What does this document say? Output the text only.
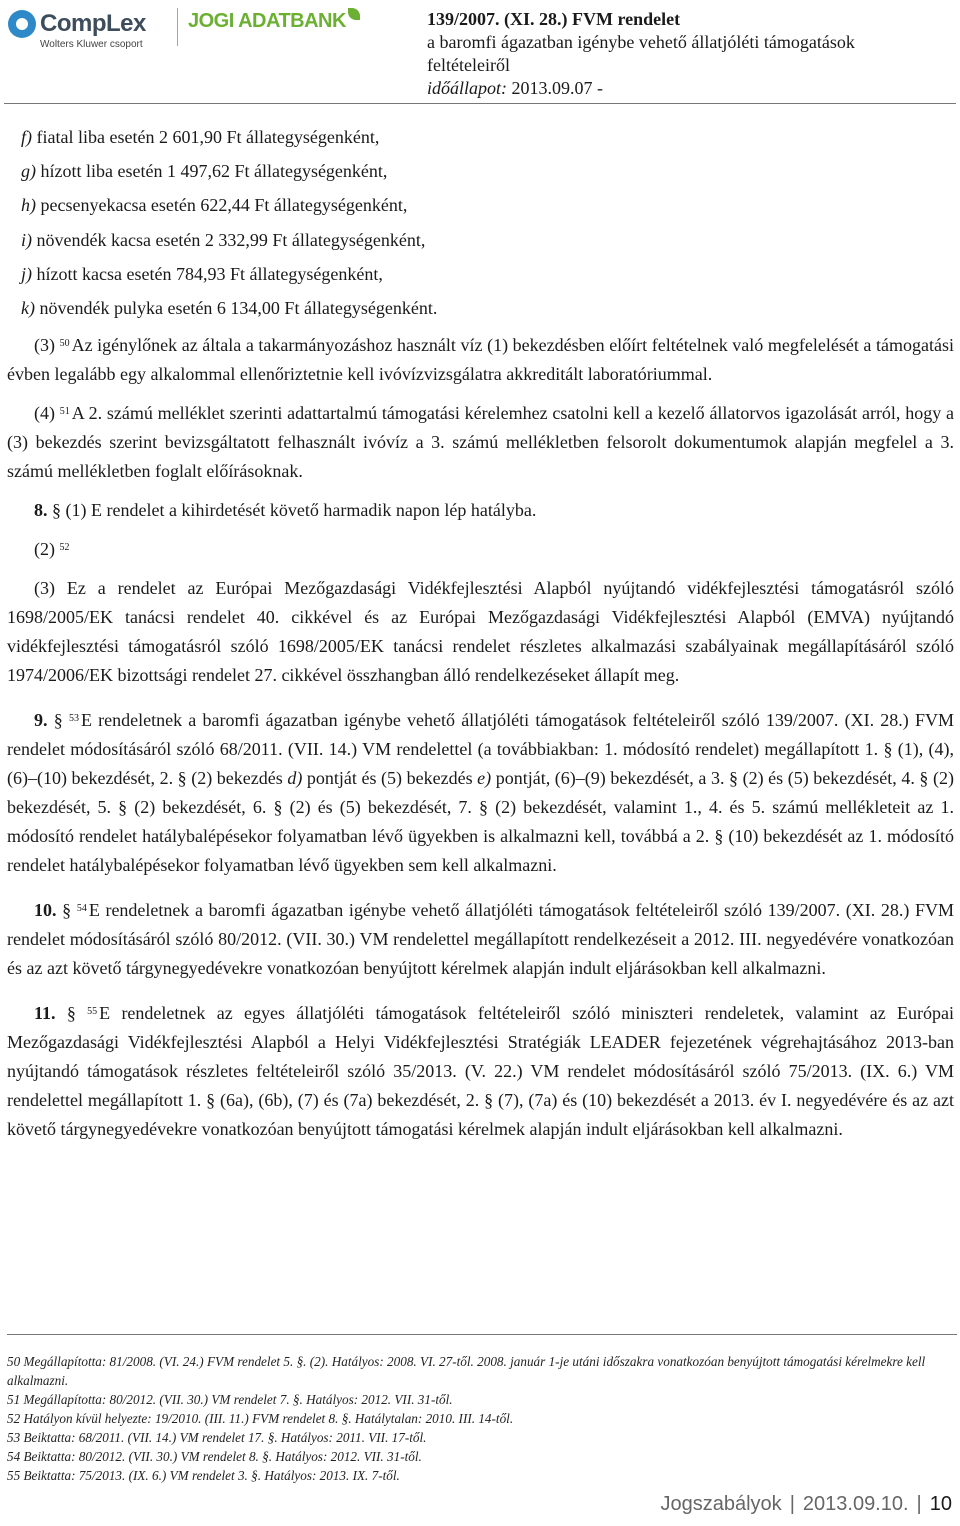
CompLex
Wolters Kluwer csoport
JOGI ADATBANK	139/2007. (XI. 28.) FVM rendelet
a baromfi ágazatban igénybe vehető állatjóléti támogatások
feltételeiről
időállapot: 2013.09.07 -
f) fiatal liba esetén 2 601,90 Ft állategységenként,
g) hízott liba esetén 1 497,62 Ft állategységenként,
h) pecsenyekacsa esetén 622,44 Ft állategységenként,
i) növendék kacsa esetén 2 332,99 Ft állategységenként,
j) hízott kacsa esetén 784,93 Ft állategységenként,
k) növendék pulyka esetén 6 134,00 Ft állategységenként.
(3) $^{50}$ Az igénylőnek az általa a takarmányozáshoz használt víz (1) bekezdésben előírt feltételnek való megfelelését a támogatási évben legalább egy alkalommal ellenőriztetnie kell ivóvízvizsgálatra akkreditált laboratóriummal.
(4) $^{51}$ A 2. számú melléklet szerinti adattartalmú támogatási kérelemhez csatolni kell a kezelő állatorvos igazolását arról, hogy a (3) bekezdés szerint bevizsgáltatott felhasznált ivóvíz a 3. számú mellékletben felsorolt dokumentumok alapján megfelel a 3. számú mellékletben foglalt előírásoknak.
8. § (1) E rendelet a kihirdetését követő harmadik napon lép hatályba.
(2) $^{52}$
(3) Ez a rendelet az Európai Mezőgazdasági Vidékfejlesztési Alapból nyújtandó vidékfejlesztési támogatásról szóló 1698/2005/EK tanácsi rendelet 40. cikkével és az Európai Mezőgazdasági Vidékfejlesztési Alapból (EMVA) nyújtandó vidékfejlesztési támogatásról szóló 1698/2005/EK tanácsi rendelet részletes alkalmazási szabályainak megállapításáról szóló 1974/2006/EK bizottsági rendelet 27. cikkével összhangban álló rendelkezéseket állapít meg.
9. § $^{53}$ E rendeletnek a baromfi ágazatban igénybe vehető állatjóléti támogatások feltételeiről szóló 139/2007. (XI. 28.) FVM rendelet módosításáról szóló 68/2011. (VII. 14.) VM rendelettel (a továbbiakban: 1. módosító rendelet) megállapított 1. § (1), (4), (6)–(10) bekezdését, 2. § (2) bekezdés d) pontját és (5) bekezdés e) pontját, (6)–(9) bekezdését, a 3. § (2) és (5) bekezdését, 4. § (2) bekezdését, 5. § (2) bekezdését, 6. § (2) és (5) bekezdését, 7. § (2) bekezdését, valamint 1., 4. és 5. számú mellékleteit az 1. módosító rendelet hatálybalépésekor folyamatban lévő ügyekben is alkalmazni kell, továbbá a 2. § (10) bekezdését az 1. módosító rendelet hatálybalépésekor folyamatban lévő ügyekben sem kell alkalmazni.
10. § $^{54}$ E rendeletnek a baromfi ágazatban igénybe vehető állatjóléti támogatások feltételeiről szóló 139/2007. (XI. 28.) FVM rendelet módosításáról szóló 80/2012. (VII. 30.) VM rendelettel megállapított rendelkezéseit a 2012. III. negyedévére vonatkozóan és az azt követő tárgynegyedévekre vonatkozóan benyújtott kérelmek alapján indult eljárásokban kell alkalmazni.
11. § $^{55}$ E rendeletnek az egyes állatjóléti támogatások feltételeiről szóló miniszteri rendeletek, valamint az Európai Mezőgazdasági Vidékfejlesztési Alapból a Helyi Vidékfejlesztési Stratégiák LEADER fejezetének végrehajtásához 2013-ban nyújtandó támogatások részletes feltételeiről szóló 35/2013. (V. 22.) VM rendelet módosításáról szóló 75/2013. (IX. 6.) VM rendelettel megállapított 1. § (6a), (6b), (7) és (7a) bekezdését, 2. § (7), (7a) és (10) bekezdését a 2013. év I. negyedévére és az azt követő tárgynegyedévekre vonatkozóan benyújtott támogatási kérelmek alapján indult eljárásokban kell alkalmazni.
50 Megállapította: 81/2008. (VI. 24.) FVM rendelet 5. §. (2). Hatályos: 2008. VI. 27-től. 2008. január 1-je utáni időszakra vonatkozóan benyújtott támogatási kérelmekre kell alkalmazni.
51 Megállapította: 80/2012. (VII. 30.) VM rendelet 7. §. Hatályos: 2012. VII. 31-től.
52 Hatályon kívül helyezte: 19/2010. (III. 11.) FVM rendelet 8. §. Hatálytalan: 2010. III. 14-től.
53 Beiktatta: 68/2011. (VII. 14.) VM rendelet 17. §. Hatályos: 2011. VII. 17-től.
54 Beiktatta: 80/2012. (VII. 30.) VM rendelet 8. §. Hatályos: 2012. VII. 31-től.
55 Beiktatta: 75/2013. (IX. 6.) VM rendelet 3. §. Hatályos: 2013. IX. 7-től.
Jogszabályok | 2013.09.10. | 10
